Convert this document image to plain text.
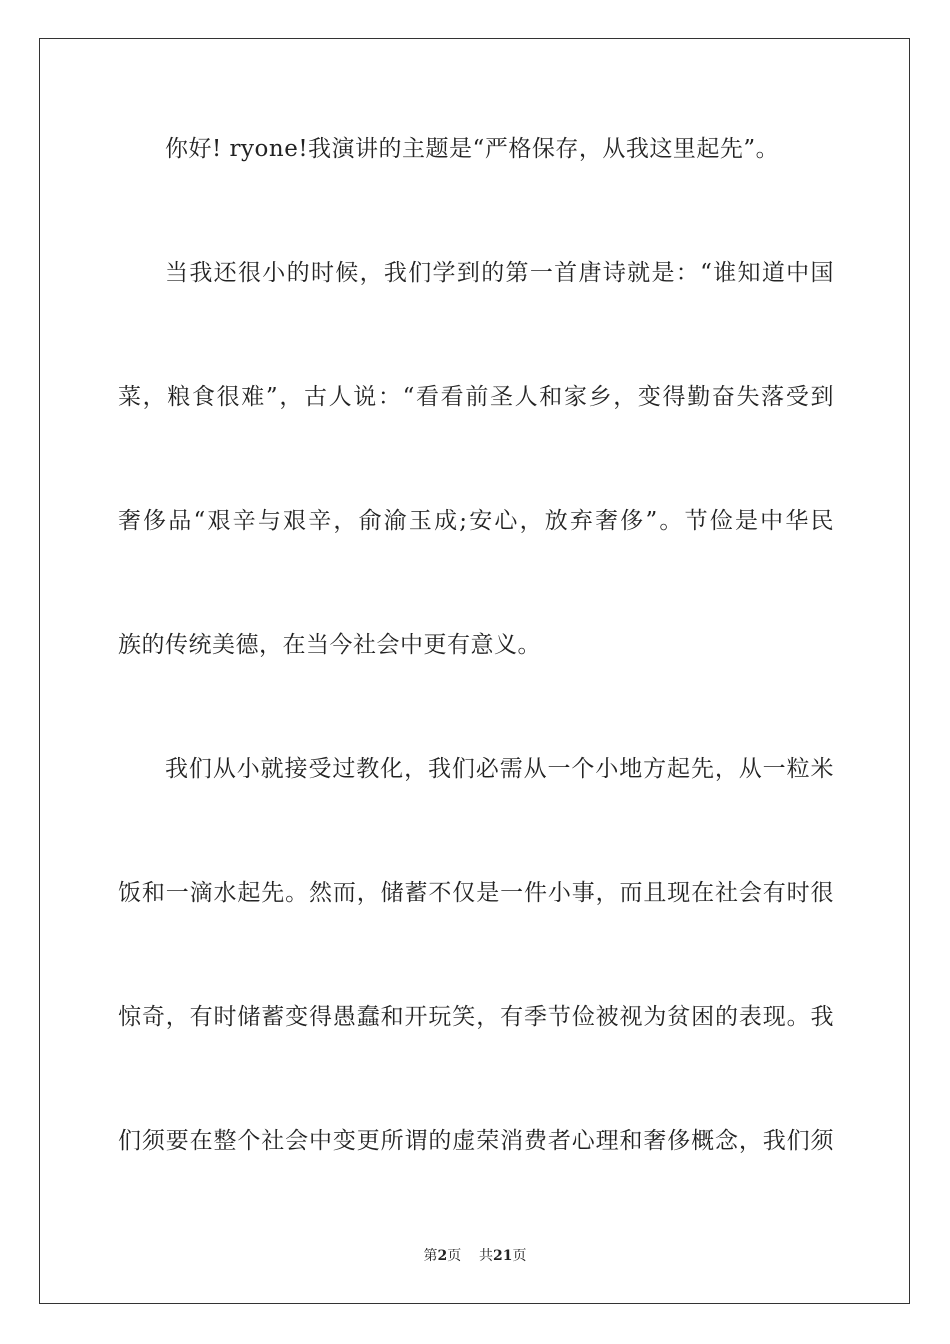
你好! ryone!我演讲的主题是“严格保存，从我这里起先”。
当我还很小的时候，我们学到的第一首唐诗就是：“谁知道中国
菜，粮食很难”，古人说：“看看前圣人和家乡，变得勤奋失落受到
奢侈品“艰辛与艰辛，俞渝玉成;安心，放弃奢侈”。节俭是中华民
族的传统美德，在当今社会中更有意义。
我们从小就接受过教化，我们必需从一个小地方起先，从一粒米
饭和一滴水起先。然而，储蓄不仅是一件小事，而且现在社会有时很
惊奇，有时储蓄变得愚蠢和开玩笑，有季节俭被视为贫困的表现。我
们须要在整个社会中变更所谓的虚荣消费者心理和奢侈概念，我们须
第2页 共21页
